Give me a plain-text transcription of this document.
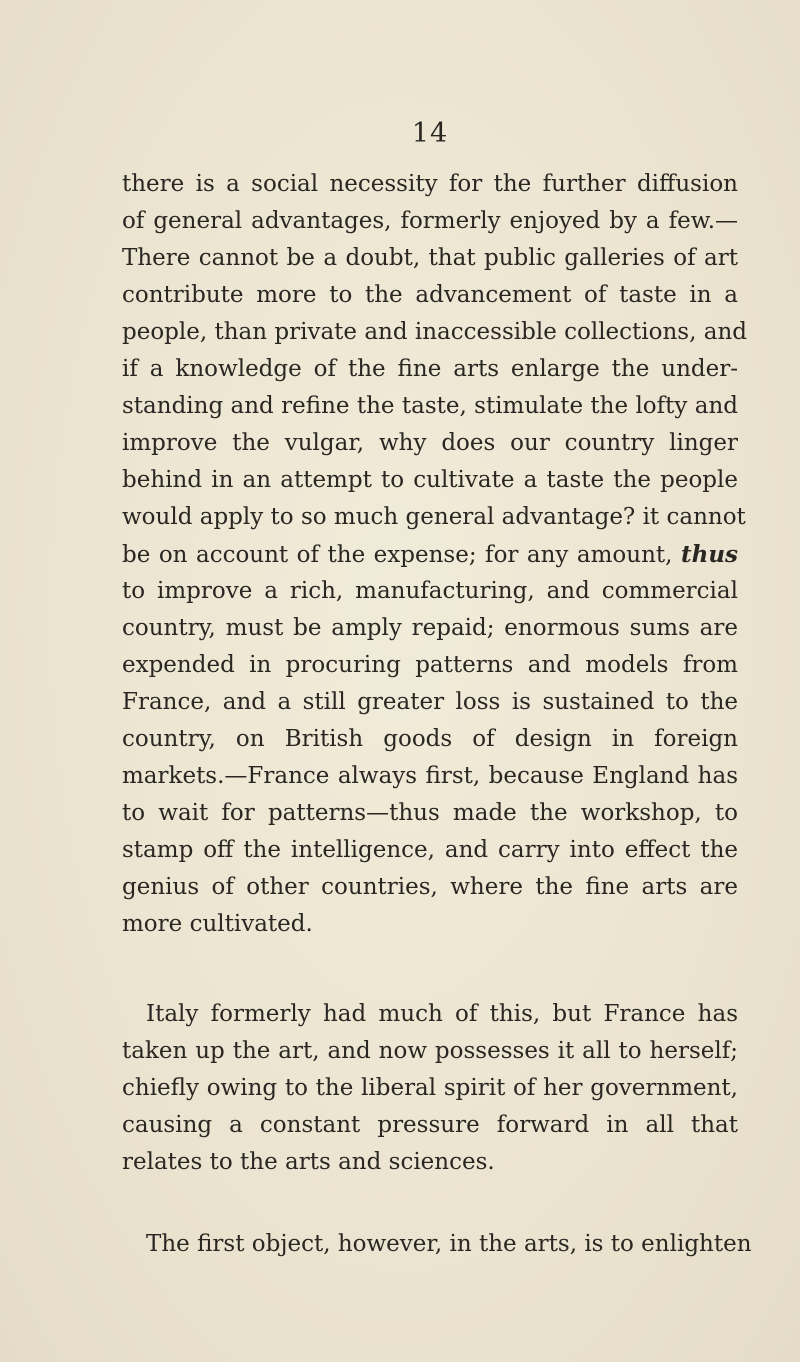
14
there is a social necessity for the further diffusion
of general advantages, formerly enjoyed by a few.—
There cannot be a doubt, that public galleries of art
contribute more to the advancement of taste in a
people, than private and inaccessible collections, and
if a knowledge of the fine arts enlarge the under-
standing and refine the taste, stimulate the lofty and
improve the vulgar, why does our country linger
behind in an attempt to cultivate a taste the people
would apply to so much general advantage? it cannot
be on account of the expense; for any amount, thus
to improve a rich, manufacturing, and commercial
country, must be amply repaid; enormous sums are
expended in procuring patterns and models from
France, and a still greater loss is sustained to the
country, on British goods of design in foreign
markets.—France always first, because England has
to wait for patterns—thus made the workshop, to
stamp off the intelligence, and carry into effect the
genius of other countries, where the fine arts are
more cultivated.
Italy formerly had much of this, but France has
taken up the art, and now possesses it all to herself;
chiefly owing to the liberal spirit of her government,
causing a constant pressure forward in all that
relates to the arts and sciences.
The first object, however, in the arts, is to enlighten
